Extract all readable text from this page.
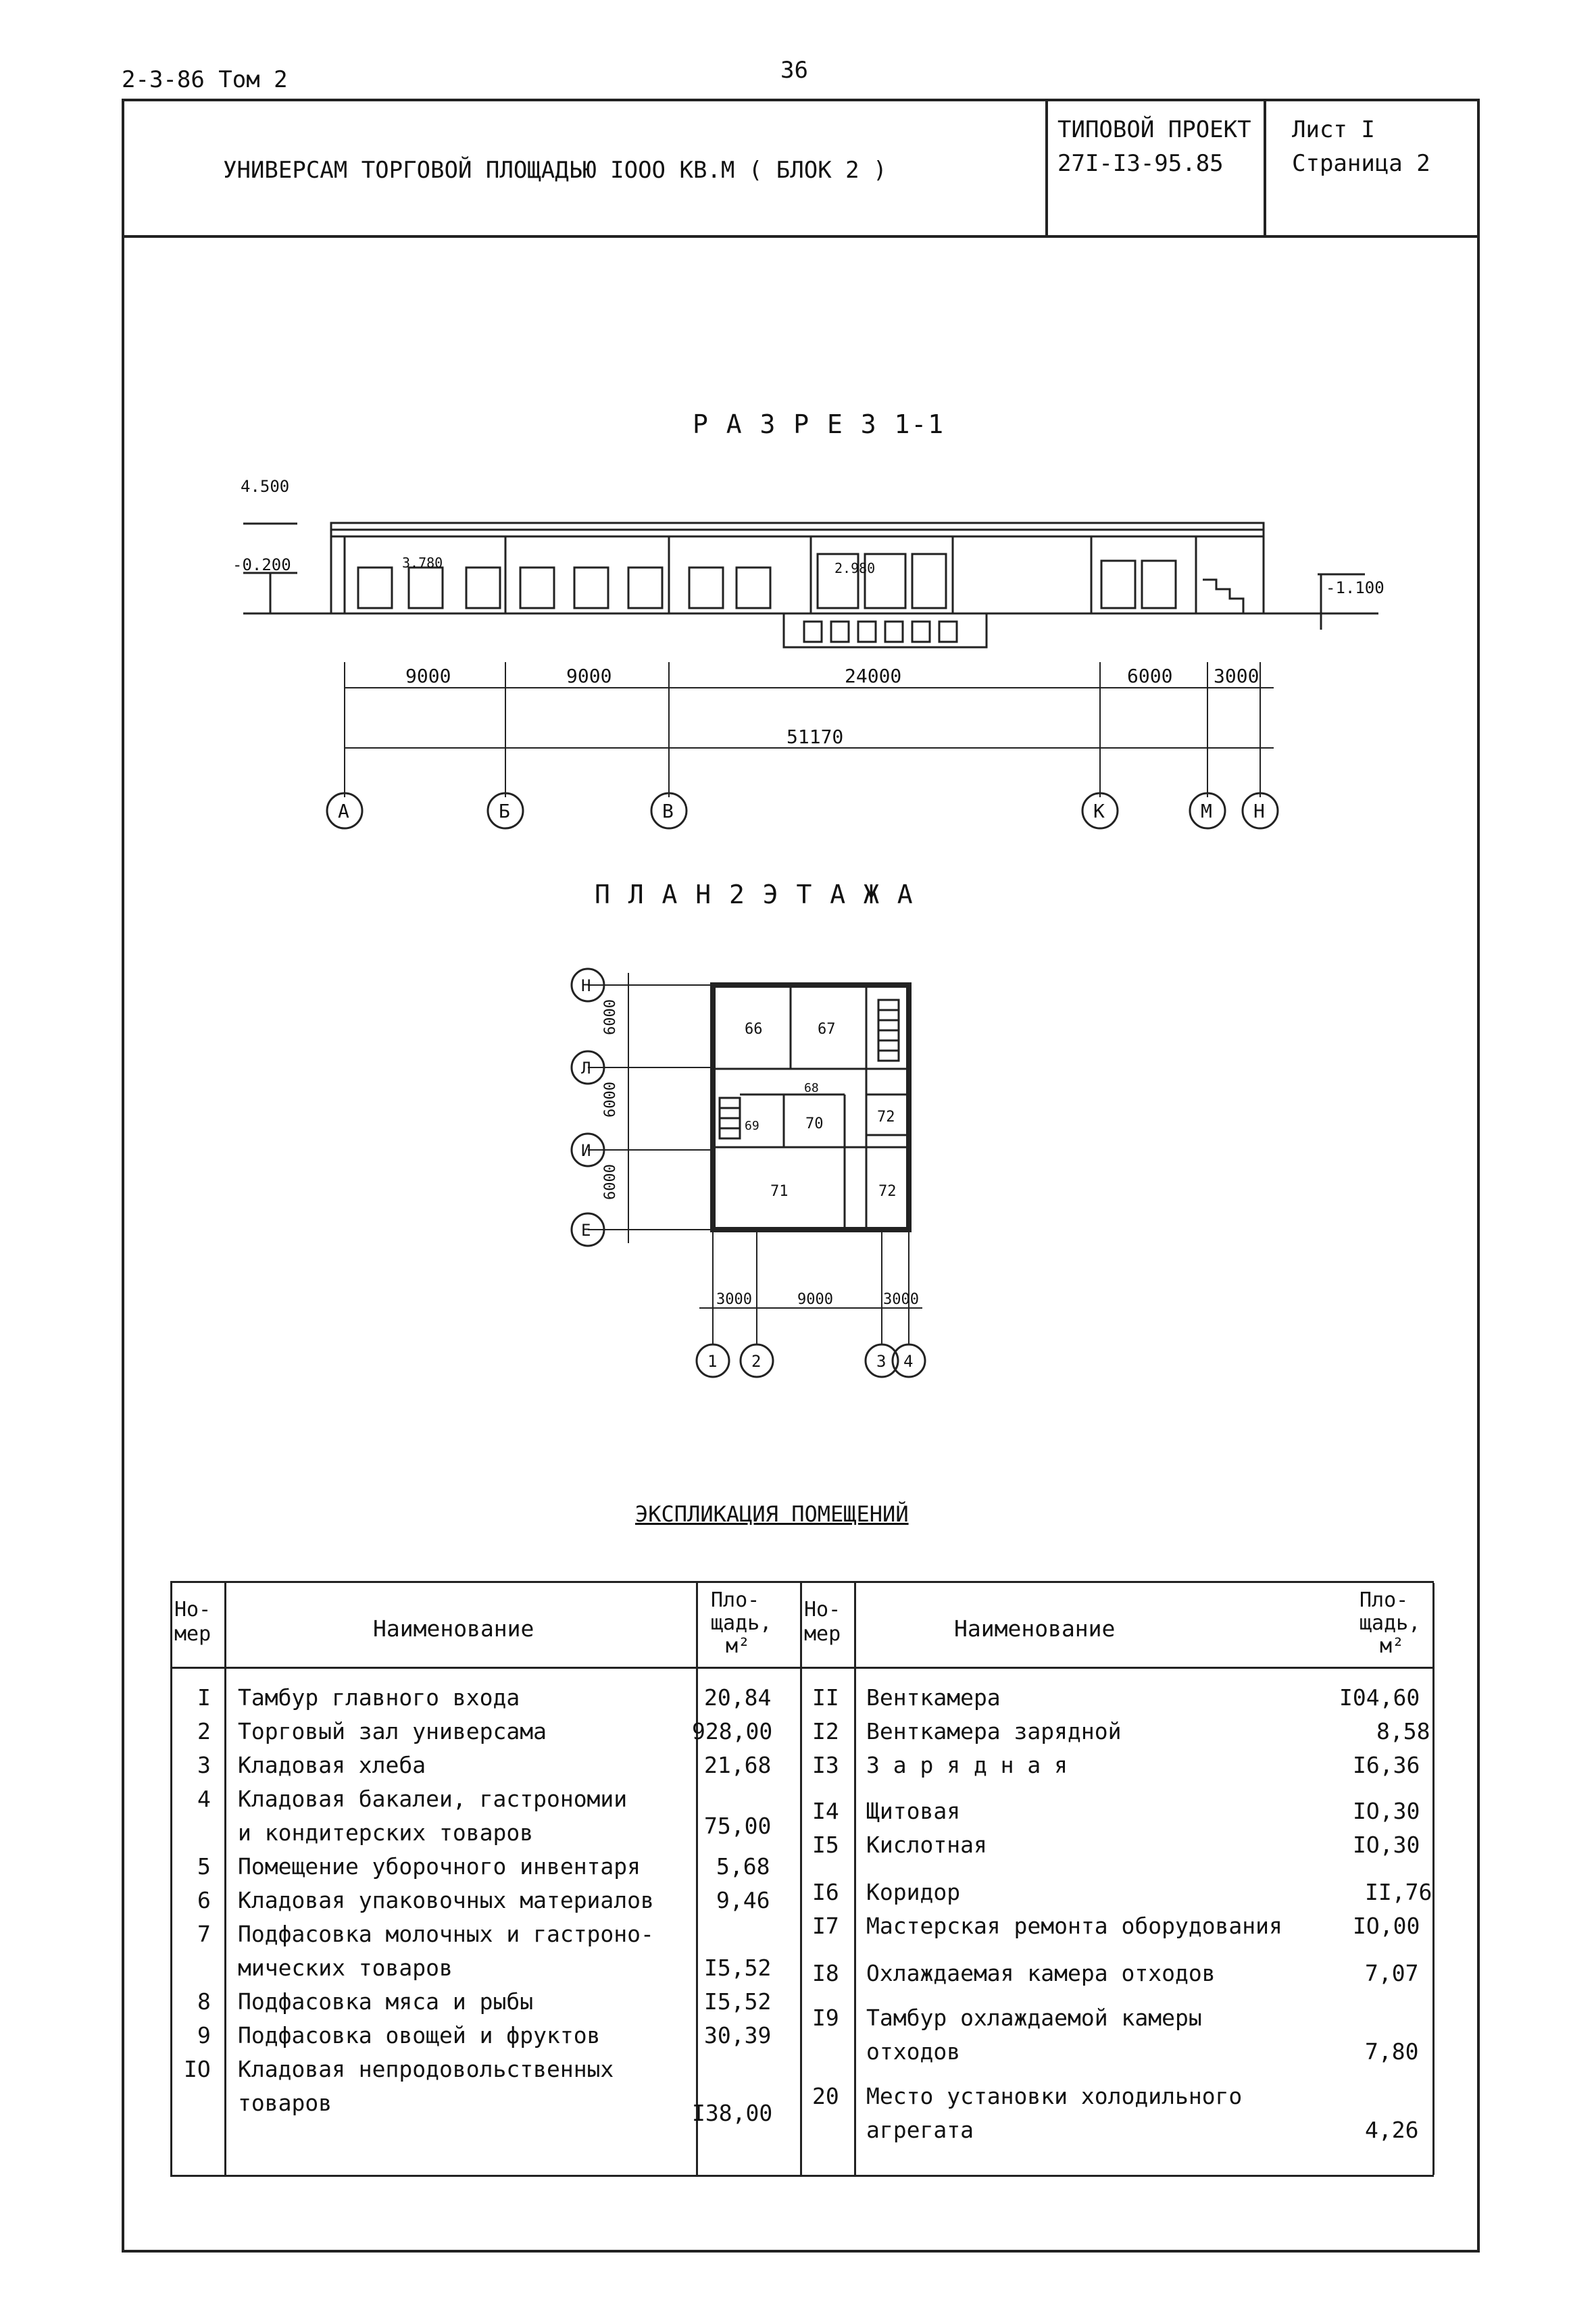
2-3-86 Том 2	36
УНИВЕРСАМ ТОРГОВОЙ ПЛОЩАДЬЮ IOOO КВ.М ( БЛОК 2 )
ТИПОВОЙ ПРОЕКТ
27I-I3-95.85
Лист I
Страница 2
Р А З Р Е З 1-1
4.500
-0.200
-1.100
3.780	2.980
9000	9000	24000	6000 3000
51170
А	Б	В	К	М Н
П Л А Н 2 Э Т А Ж А
Н
Л
И
Е
6000
6000
6000
3000	9000	3000
1 2	3 4
66	67
68
69	70	72
71	72
ЭКСПЛИКАЦИЯ ПОМЕЩЕНИЙ
Но-
мер	Наименование
Пло-
щадь,
м²
Но-
мер	Наименование
Пло-
щадь,
м²
I Тамбур главного входа	20,84
2 Торговый зал универсама	928,00
3 Кладовая хлеба	21,68
4 Кладовая бакалеи, гастрономии
и кондитерских товаров	75,00
5 Помещение уборочного инвентаря	5,68
6 Кладовая упаковочных материалов	9,46
7 Подфасовка молочных и гастроно-
мических товаров	I5,52
8 Подфасовка мяса и рыбы	I5,52
9 Подфасовка овощей и фруктов	30,39
IO Кладовая непродовольственных
товаров	I38,00
II Венткамера	I04,60
I2 Венткамера зарядной	8,58
I3 З а р я д н а я	I6,36
I4 Щитовая	IO,30
I5 Кислотная	IO,30
I6 Коридор	II,76
I7 Мастерская ремонта оборудования	IO,00
I8 Охлаждаемая камера отходов	7,07
I9 Тамбур охлаждаемой камеры
отходов	7,80
20 Место установки холодильного
агрегата	4,26
